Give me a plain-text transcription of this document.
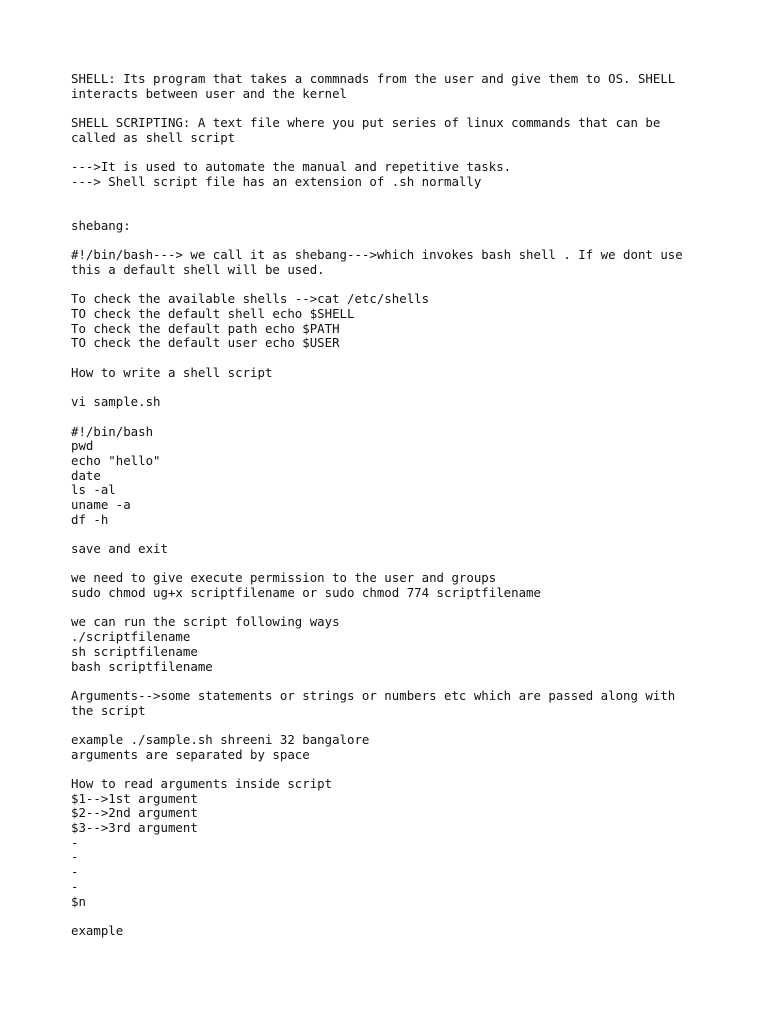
SHELL: Its program that takes a commnads from the user and give them to OS. SHELL
interacts between user and the kernel
SHELL SCRIPTING: A text file where you put series of linux commands that can be
called as shell script
--->It is used to automate the manual and repetitive tasks.
---> Shell script file has an extension of .sh normally
shebang:
#!/bin/bash---> we call it as shebang--->which invokes bash shell . If we dont use
this a default shell will be used.
To check the available shells -->cat /etc/shells
TO check the default shell echo $SHELL
To check the default path echo $PATH
TO check the default user echo $USER
How to write a shell script
vi sample.sh
#!/bin/bash
pwd
echo "hello"
date
ls -al
uname -a
df -h
save and exit
we need to give execute permission to the user and groups
sudo chmod ug+x scriptfilename or sudo chmod 774 scriptfilename
we can run the script following ways
./scriptfilename
sh scriptfilename
bash scriptfilename
Arguments-->some statements or strings or numbers etc which are passed along with
the script
example ./sample.sh shreeni 32 bangalore
arguments are separated by space
How to read arguments inside script
$1-->1st argument
$2-->2nd argument
$3-->3rd argument
-
-
-
-
$n
example
